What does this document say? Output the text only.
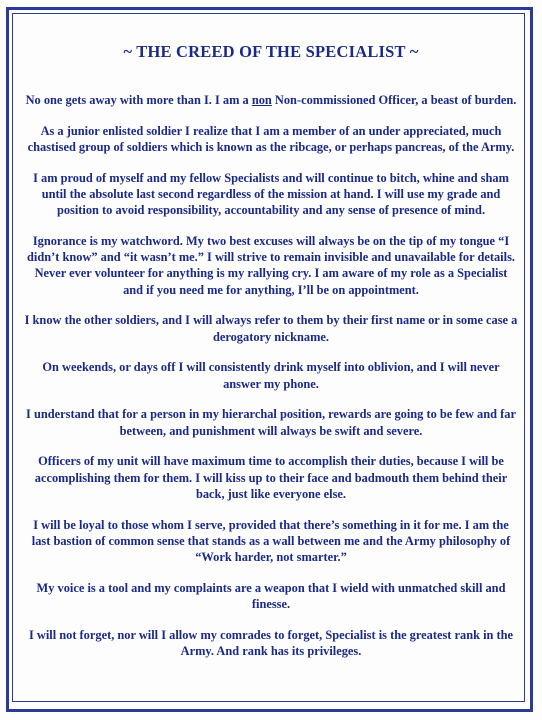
~ THE CREED OF THE SPECIALIST ~

No one gets away with more than I. I am a non Non-commissioned Officer, a beast of burden.

As a junior enlisted soldier I realize that I am a member of an under appreciated, much chastised group of soldiers which is known as the ribcage, or perhaps pancreas, of the Army.

I am proud of myself and my fellow Specialists and will continue to bitch, whine and sham until the absolute last second regardless of the mission at hand. I will use my grade and position to avoid responsibility, accountability and any sense of presence of mind.

Ignorance is my watchword. My two best excuses will always be on the tip of my tongue “I didn’t know” and “it wasn’t me.” I will strive to remain invisible and unavailable for details. Never ever volunteer for anything is my rallying cry. I am aware of my role as a Specialist and if you need me for anything, I’ll be on appointment.

I know the other soldiers, and I will always refer to them by their first name or in some case a derogatory nickname.

On weekends, or days off I will consistently drink myself into oblivion, and I will never answer my phone.

I understand that for a person in my hierarchal position, rewards are going to be few and far between, and punishment will always be swift and severe.

Officers of my unit will have maximum time to accomplish their duties, because I will be accomplishing them for them. I will kiss up to their face and badmouth them behind their back, just like everyone else.

I will be loyal to those whom I serve, provided that there’s something in it for me. I am the last bastion of common sense that stands as a wall between me and the Army philosophy of “Work harder, not smarter.”

My voice is a tool and my complaints are a weapon that I wield with unmatched skill and finesse.

I will not forget, nor will I allow my comrades to forget, Specialist is the greatest rank in the Army. And rank has its privileges.
